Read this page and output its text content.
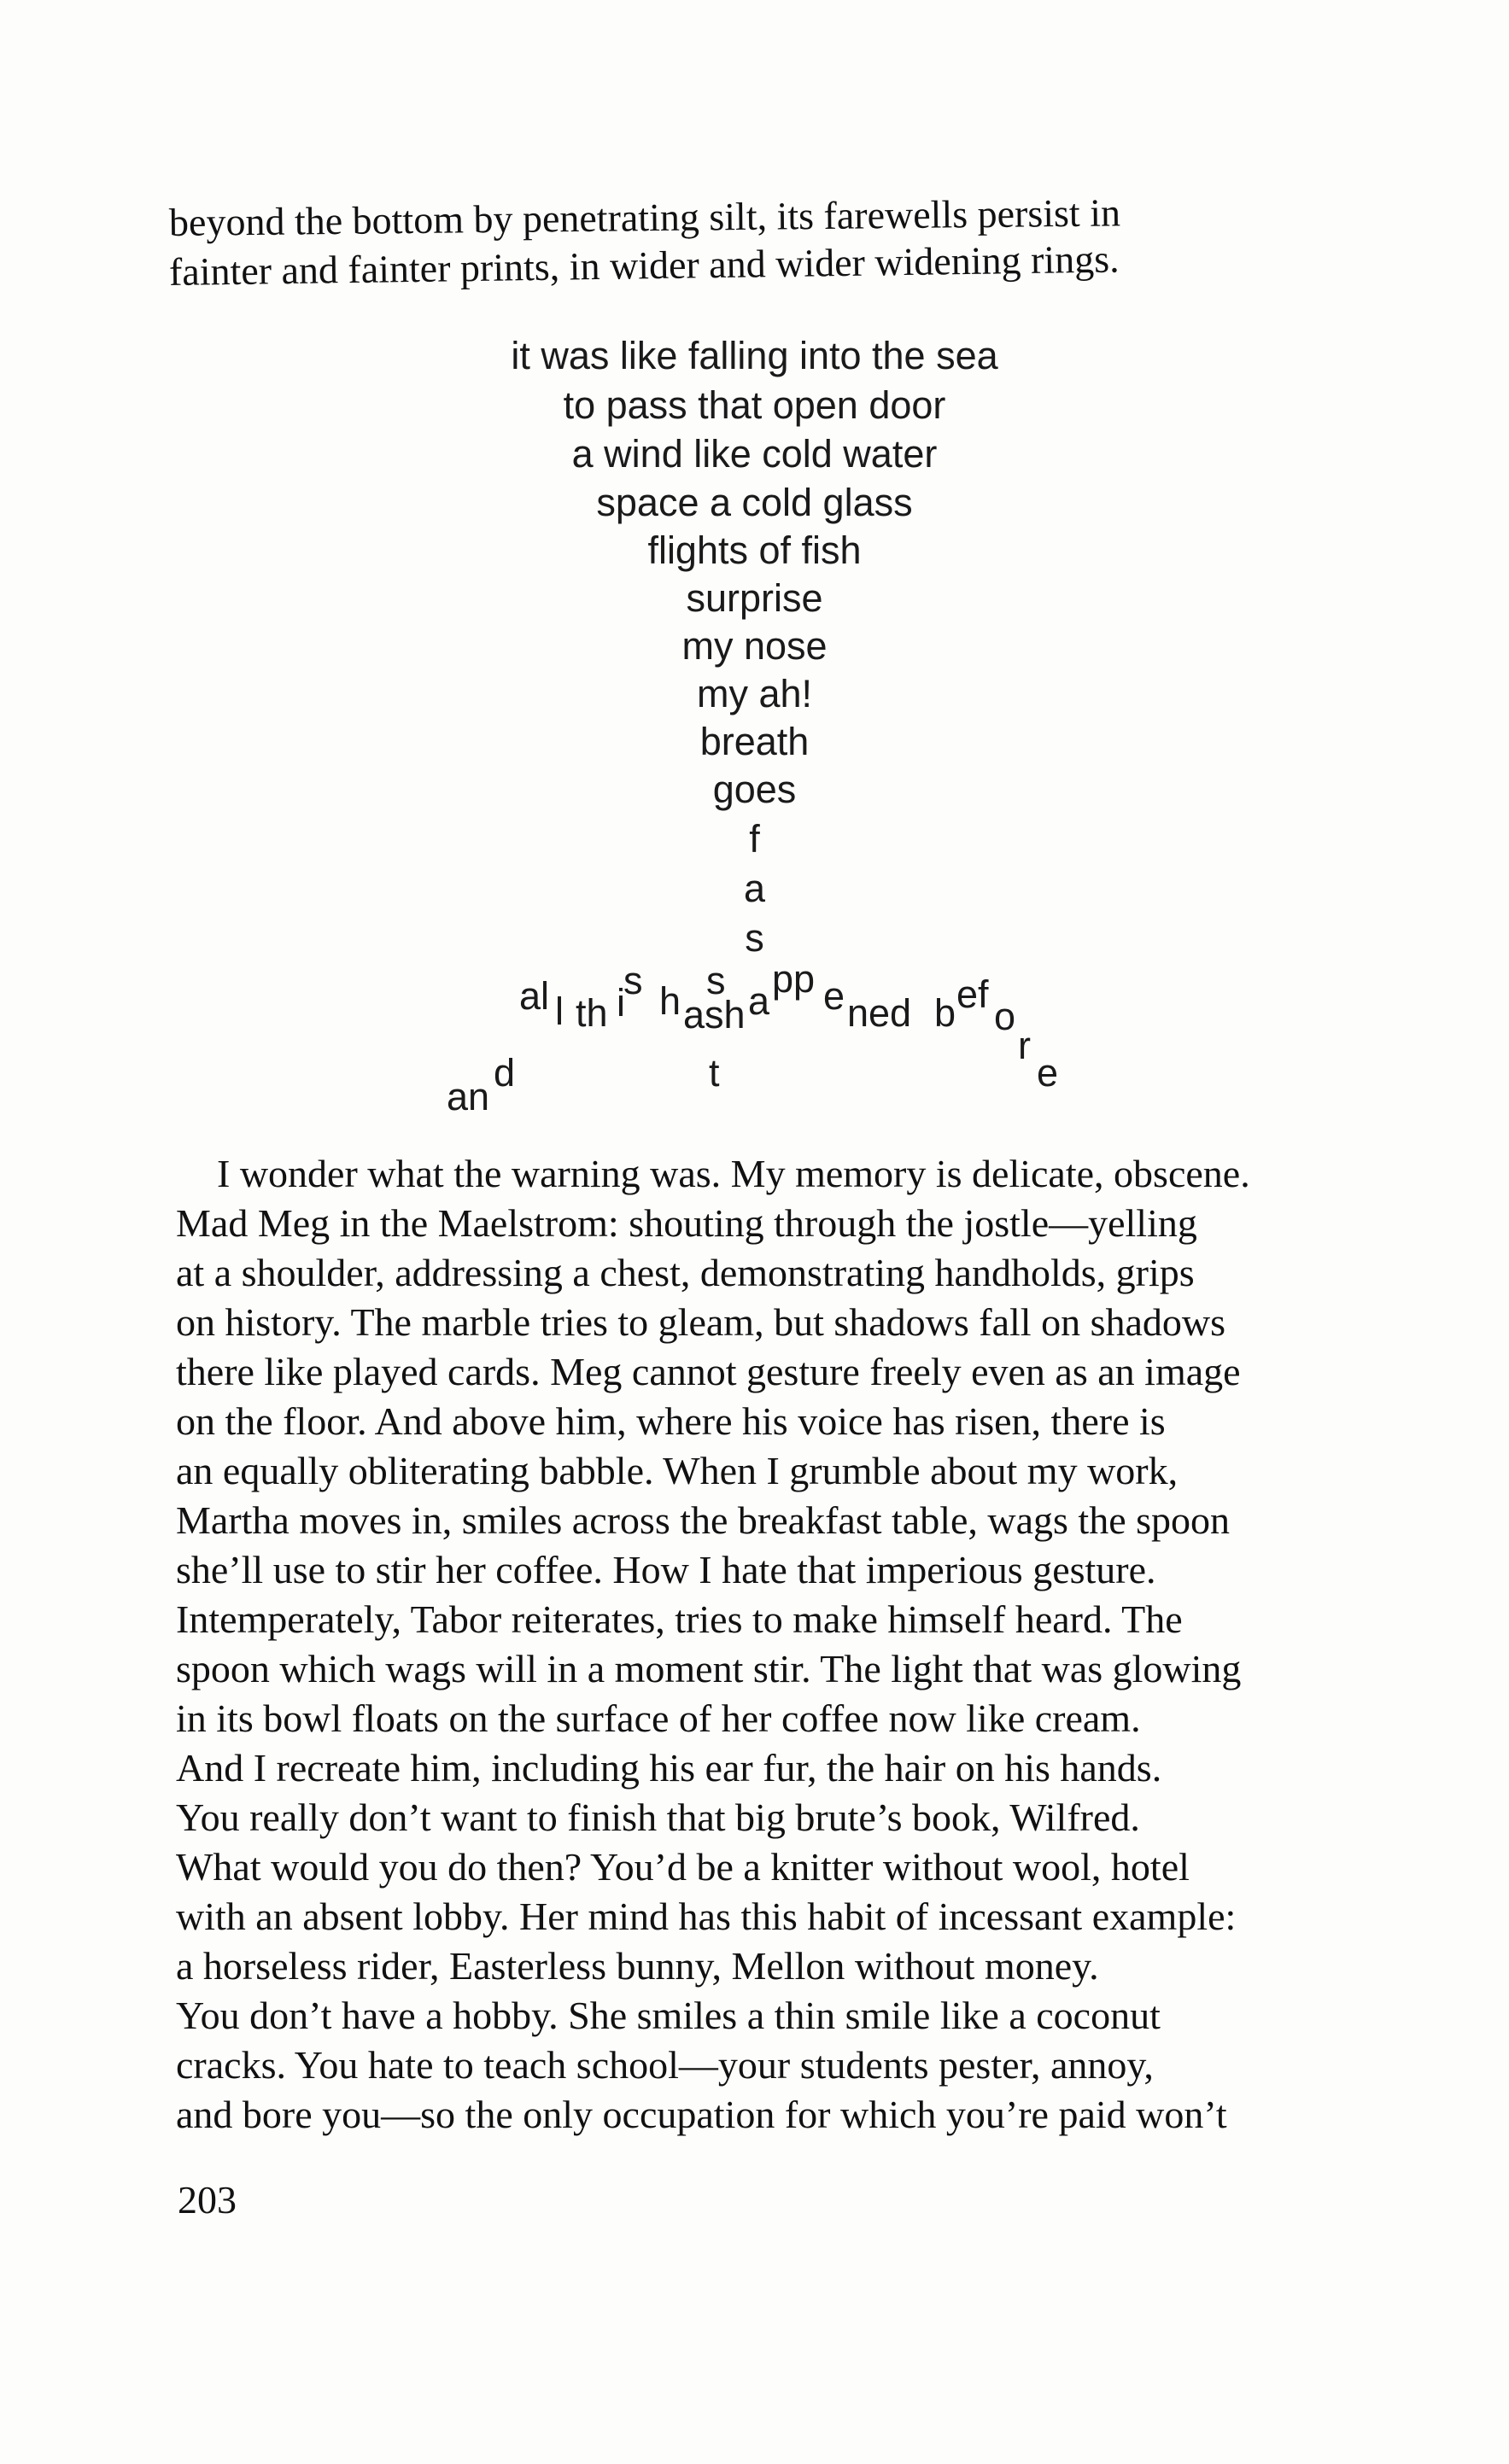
beyond the bottom by penetrating silt, its farewells persist in
fainter and fainter prints, in wider and wider widening rings.
it was like falling into the sea
to pass that open door
a wind like cold water
space a cold glass
flights of fish
surprise
my nose
my ah!
breath
goes
f
a
s
al l th i
s h s
ash a
pp e ned b ef
o
r
e
t
an
d
I wonder what the warning was. My memory is delicate, obscene.
Mad Meg in the Maelstrom: shouting through the jostle—yelling
at a shoulder, addressing a chest, demonstrating handholds, grips
on history. The marble tries to gleam, but shadows fall on shadows
there like played cards. Meg cannot gesture freely even as an image
on the floor. And above him, where his voice has risen, there is
an equally obliterating babble. When I grumble about my work,
Martha moves in, smiles across the breakfast table, wags the spoon
she’ll use to stir her coffee. How I hate that imperious gesture.
Intemperately, Tabor reiterates, tries to make himself heard. The
spoon which wags will in a moment stir. The light that was glowing
in its bowl floats on the surface of her coffee now like cream.
And I recreate him, including his ear fur, the hair on his hands.
You really don’t want to finish that big brute’s book, Wilfred.
What would you do then? You’d be a knitter without wool, hotel
with an absent lobby. Her mind has this habit of incessant example:
a horseless rider, Easterless bunny, Mellon without money.
You don’t have a hobby. She smiles a thin smile like a coconut
cracks. You hate to teach school—your students pester, annoy,
and bore you—so the only occupation for which you’re paid won’t
203
